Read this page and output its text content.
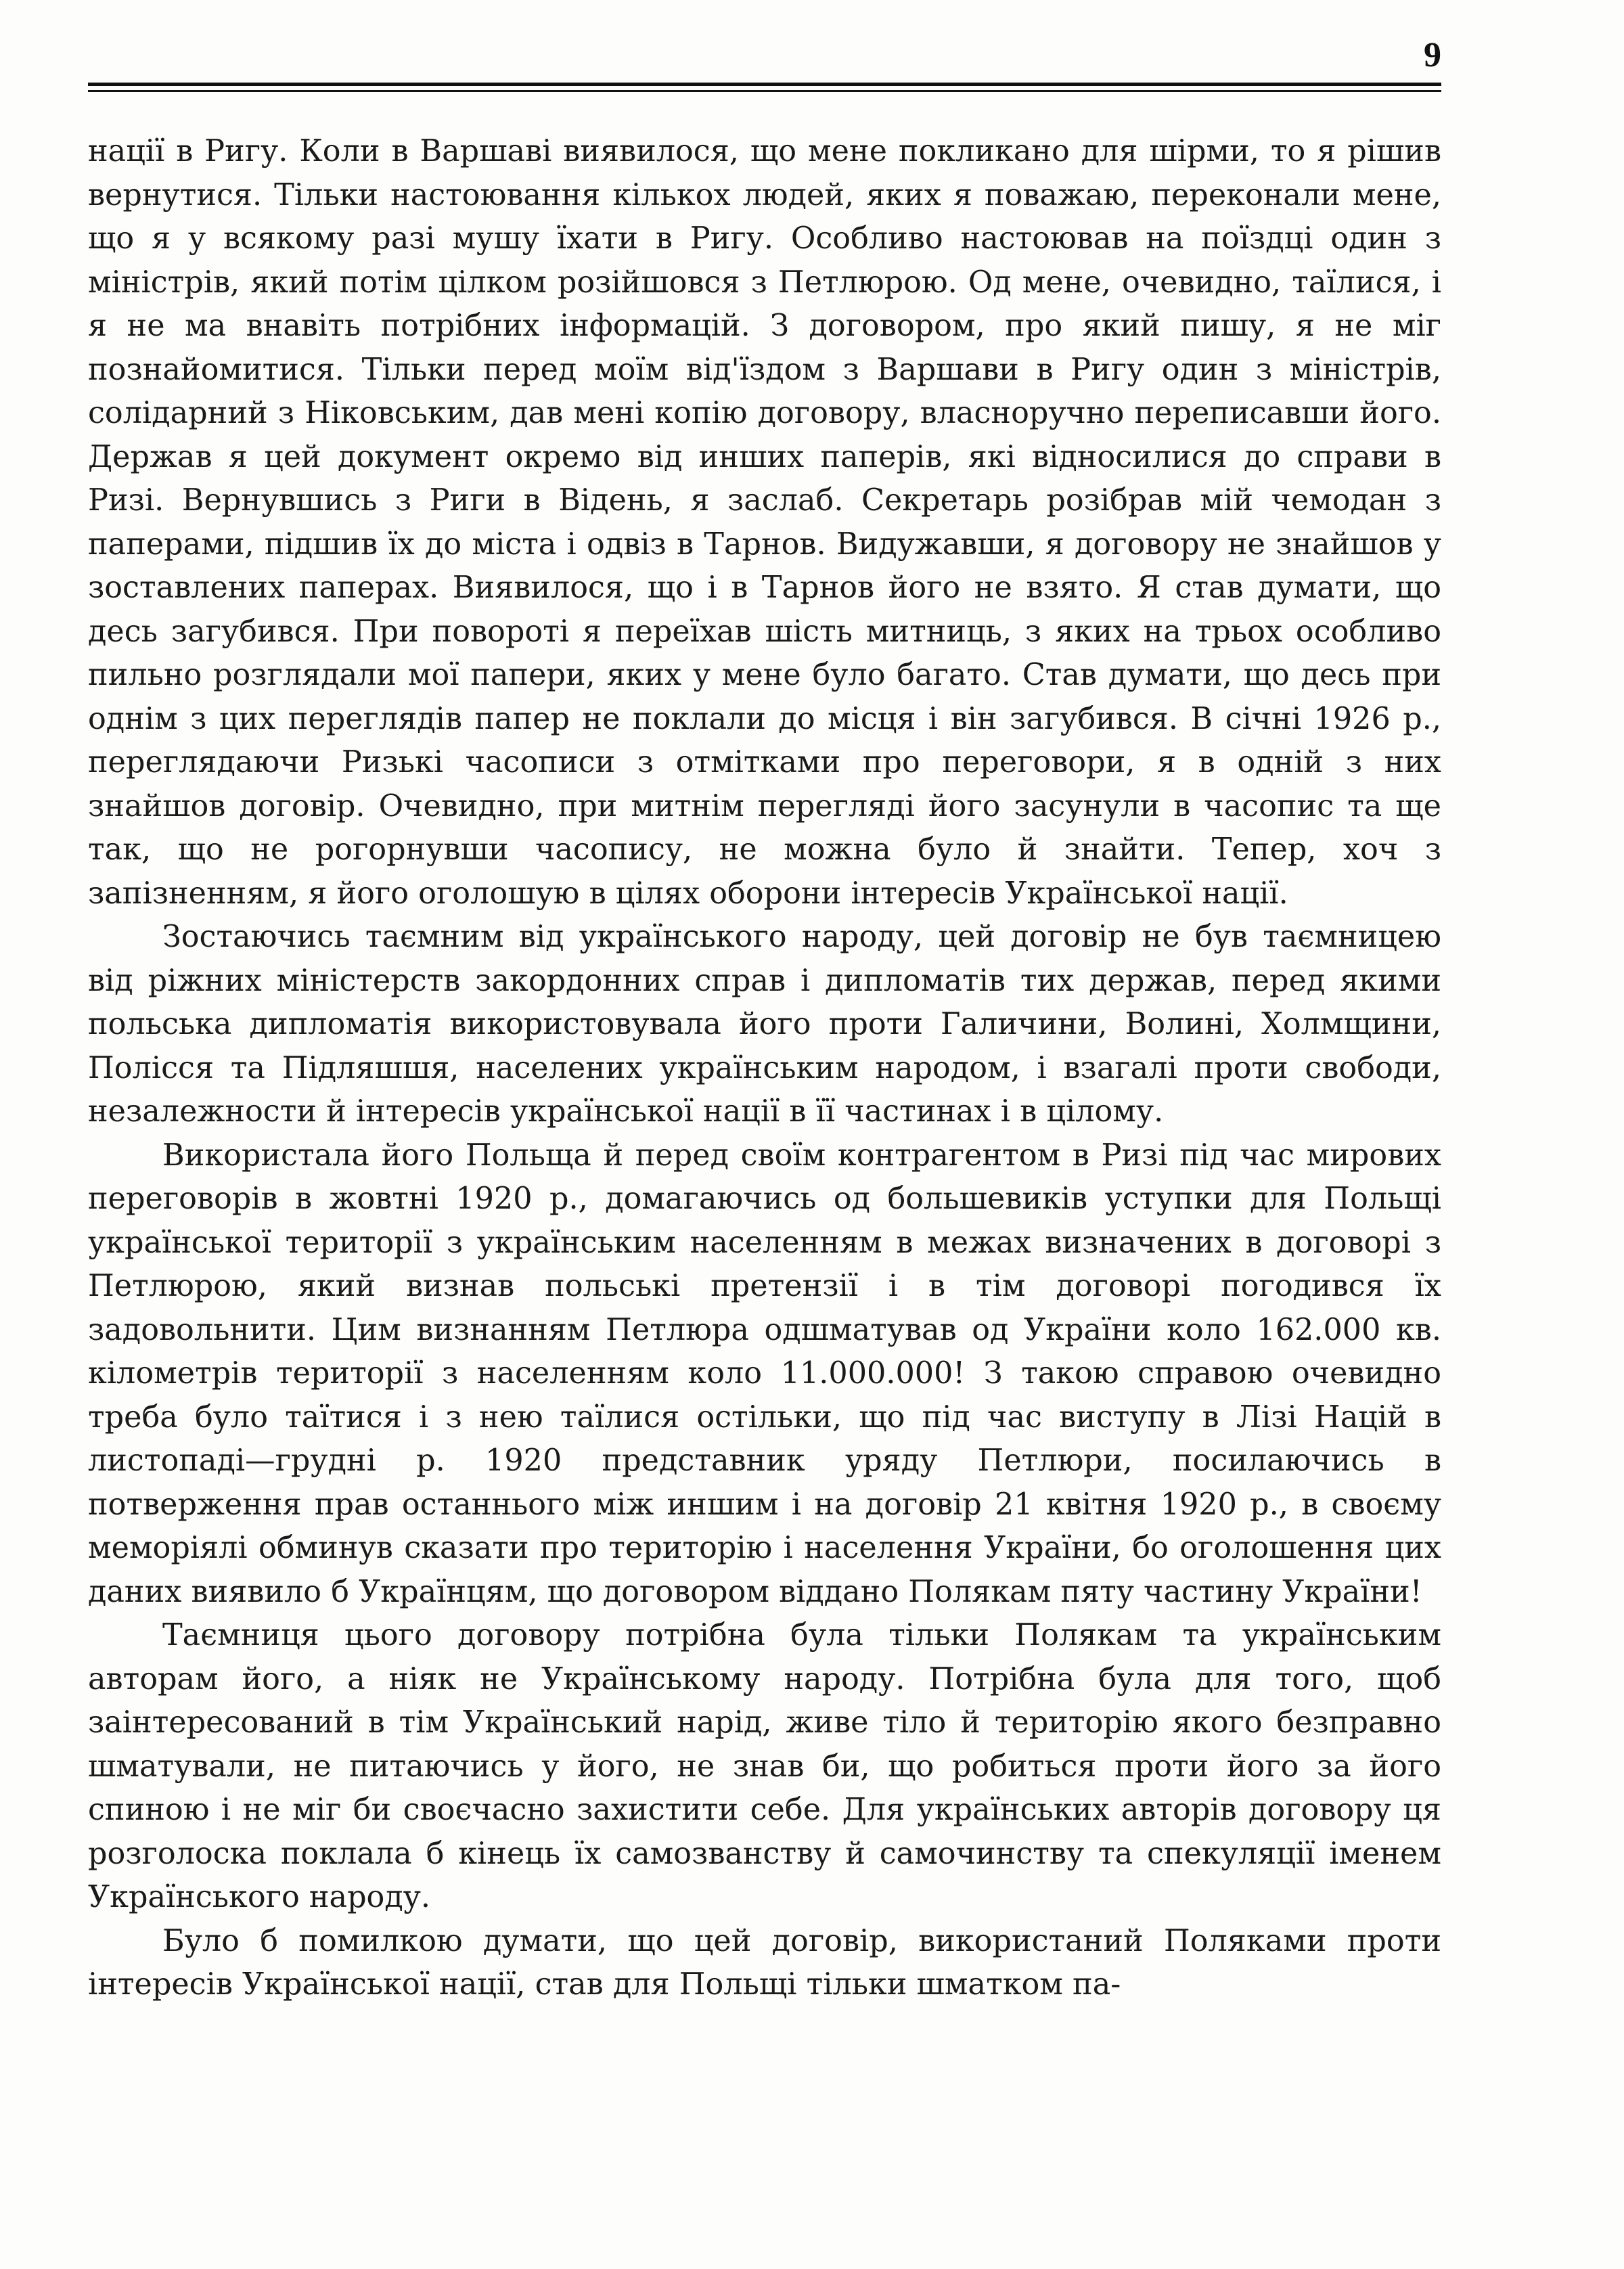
9

нації в Ригу. Коли в Варшаві виявилося, що мене покликано для шірми, то я рішив вернутися. Тільки настоювання кількох людей, яких я поважаю, переконали мене, що я у всякому разі мушу їхати в Ригу. Особливо настоював на поїздці один з міністрів, який потім цілком розійшовся з Петлюрою. Од мене, очевидно, таїлися, і я не ма внавіть потрібних інформацій. З договором, про який пишу, я не міг познайомитися. Тільки перед моїм від'їздом з Варшави в Ригу один з міністрів, солідарний з Ніковським, дав мені копію договору, власноручно переписавши його. Держав я цей документ окремо від инших паперів, які відносилися до справи в Ризі. Вернувшись з Риги в Відень, я заслаб. Секретарь розібрав мій чемодан з паперами, підшив їх до міста і одвіз в Тарнов. Видужавши, я договору не знайшов у зоставлених паперах. Виявилося, що і в Тарнов його не взято. Я став думати, що десь загубився. При повороті я переїхав шість митниць, з яких на трьох особливо пильно розглядали мої папери, яких у мене було багато. Став думати, що десь при однім з цих переглядів папер не поклали до місця і він загубився. В січні 1926 р., переглядаючи Ризькі часописи з отмітками про переговори, я в одній з них знайшов договір. Очевидно, при митнім перегляді його засунули в часопис та ще так, що не рогорнувши часопису, не можна було й знайти. Тепер, хоч з запізненням, я його оголошую в цілях оборони інтересів Української нації.

Зостаючись таємним від українського народу, цей договір не був таємницею від ріжних міністерств закордонних справ і дипломатів тих держав, перед якими польська дипломатія використовувала його проти Галичини, Волині, Холмщини, Полісся та Підляшшя, населених українським народом, і взагалі проти свободи, незалежности й інтересів української нації в її частинах і в цілому.

Використала його Польща й перед своїм контрагентом в Ризі під час мирових переговорів в жовтні 1920 р., домагаючись од большевиків уступки для Польщі української території з українським населенням в межах визначених в договорі з Петлюрою, який визнав польські претензії і в тім договорі погодився їх задовольнити. Цим визнанням Петлюра одшматував од України коло 162.000 кв. кілометрів території з населенням коло 11.000.000! З такою справою очевидно треба було таїтися і з нею таїлися остільки, що під час виступу в Лізі Націй в листопаді—грудні р. 1920 представник уряду Петлюри, посилаючись в потверження прав останнього між иншим і на договір 21 квітня 1920 р., в своєму меморіялі обминув сказати про територію і населення України, бо оголошення цих даних виявило б Українцям, що договором віддано Полякам пяту частину України!

Таємниця цього договору потрібна була тільки Полякам та українським авторам його, а ніяк не Українському народу. Потрібна була для того, щоб заінтересований в тім Український нарід, живе тіло й територію якого безправно шматували, не питаючись у його, не знав би, що робиться проти його за його спиною і не міг би своєчасно захистити себе. Для українських авторів договору ця розголоска поклала б кінець їх самозванству й самочинству та спекуляції іменем Українського народу.

Було б помилкою думати, що цей договір, використаний Поляками проти інтересів Української нації, став для Польщі тільки шматком па-
